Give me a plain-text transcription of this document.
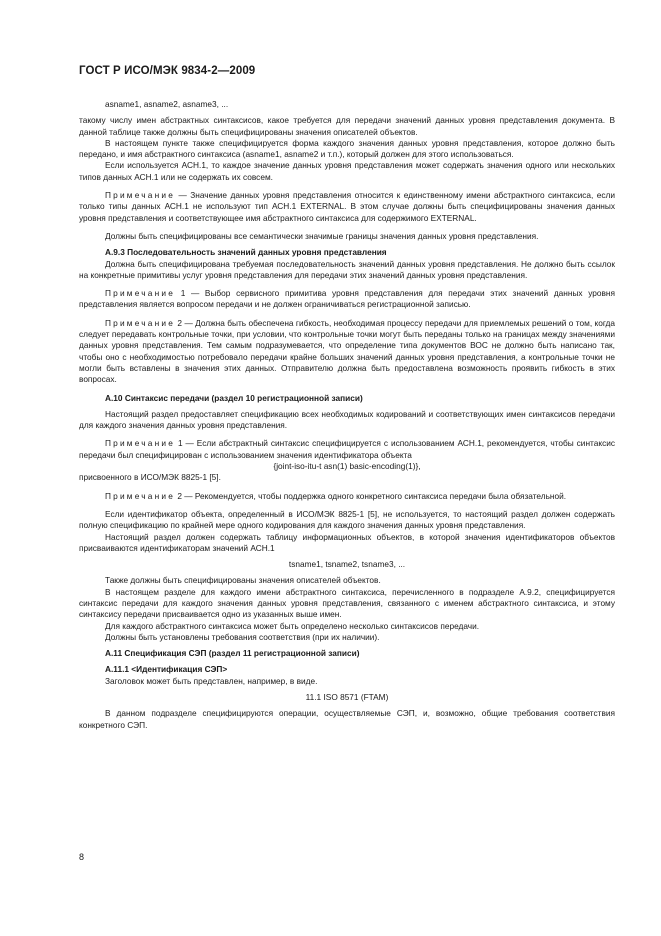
ГОСТ Р ИСО/МЭК 9834-2—2009

asname1, asname2, asname3, ...

такому числу имен абстрактных синтаксисов, какое требуется для передачи значений данных уровня представления документа. В данной таблице также должны быть специфицированы значения описателей объектов.

В настоящем пункте также специфицируется форма каждого значения данных уровня представления, которое должно быть передано, и имя абстрактного синтаксиса (asname1, asname2 и т.п.), который должен для этого использоваться.

Если используется АСН.1, то каждое значение данных уровня представления может содержать значения одного или нескольких типов данных АСН.1 или не содержать их совсем.

Примечание — Значение данных уровня представления относится к единственному имени абстрактного синтаксиса, если только типы данных АСН.1 не используют тип АСН.1 EXTERNAL. В этом случае должны быть специфицированы значения данных уровня представления и соответствующее имя абстрактного синтаксиса для содержимого EXTERNAL.

Должны быть специфицированы все семантически значимые границы значения данных уровня представления.

А.9.3 Последовательность значений данных уровня представления

Должна быть специфицирована требуемая последовательность значений данных уровня представления. Не должно быть ссылок на конкретные примитивы услуг уровня представления для передачи этих значений данных уровня представления.

Примечание 1 — Выбор сервисного примитива уровня представления для передачи этих значений данных уровня представления является вопросом передачи и не должен ограничиваться регистрационной записью.

Примечание 2 — Должна быть обеспечена гибкость, необходимая процессу передачи для приемлемых решений о том, когда следует передавать контрольные точки, при условии, что контрольные точки могут быть переданы только на границах между значениями данных уровня представления. Тем самым подразумевается, что определение типа документов ВОС не должно быть написано так, чтобы оно с необходимостью потребовало передачи крайне больших значений данных уровня представления, а контрольные точки не могли быть вставлены в значения этих данных. Отправителю должна быть предоставлена возможность проявить гибкость в этих вопросах.

А.10 Синтаксис передачи (раздел 10 регистрационной записи)

Настоящий раздел предоставляет спецификацию всех необходимых кодирований и соответствующих имен синтаксисов передачи для каждого значения данных уровня представления.

Примечание 1 — Если абстрактный синтаксис специфицируется с использованием АСН.1, рекомендуется, чтобы синтаксис передачи был специфицирован с использованием значения идентификатора объекта

{joint-iso-itu-t asn(1) basic-encoding(1)},

присвоенного в ИСО/МЭК 8825-1 [5].

Примечание 2 — Рекомендуется, чтобы поддержка одного конкретного синтаксиса передачи была обязательной.

Если идентификатор объекта, определенный в ИСО/МЭК 8825-1 [5], не используется, то настоящий раздел должен содержать полную спецификацию по крайней мере одного кодирования для каждого значения данных уровня представления.

Настоящий раздел должен содержать таблицу информационных объектов, в которой значения идентификаторов объектов присваиваются идентификаторам значений АСН.1

tsname1, tsname2, tsname3, ...

Также должны быть специфицированы значения описателей объектов.

В настоящем разделе для каждого имени абстрактного синтаксиса, перечисленного в подразделе А.9.2, специфицируется синтаксис передачи для каждого значения данных уровня представления, связанного с именем абстрактного синтаксиса, и этому синтаксису передачи присваивается одно из указанных выше имен.

Для каждого абстрактного синтаксиса может быть определено несколько синтаксисов передачи.

Должны быть установлены требования соответствия (при их наличии).

А.11 Спецификация СЭП (раздел 11 регистрационной записи)

А.11.1 <Идентификация СЭП>

Заголовок может быть представлен, например, в виде.

11.1 ISO 8571 (FTAM)

В данном подразделе специфицируются операции, осуществляемые СЭП, и, возможно, общие требования соответствия конкретного СЭП.

8
